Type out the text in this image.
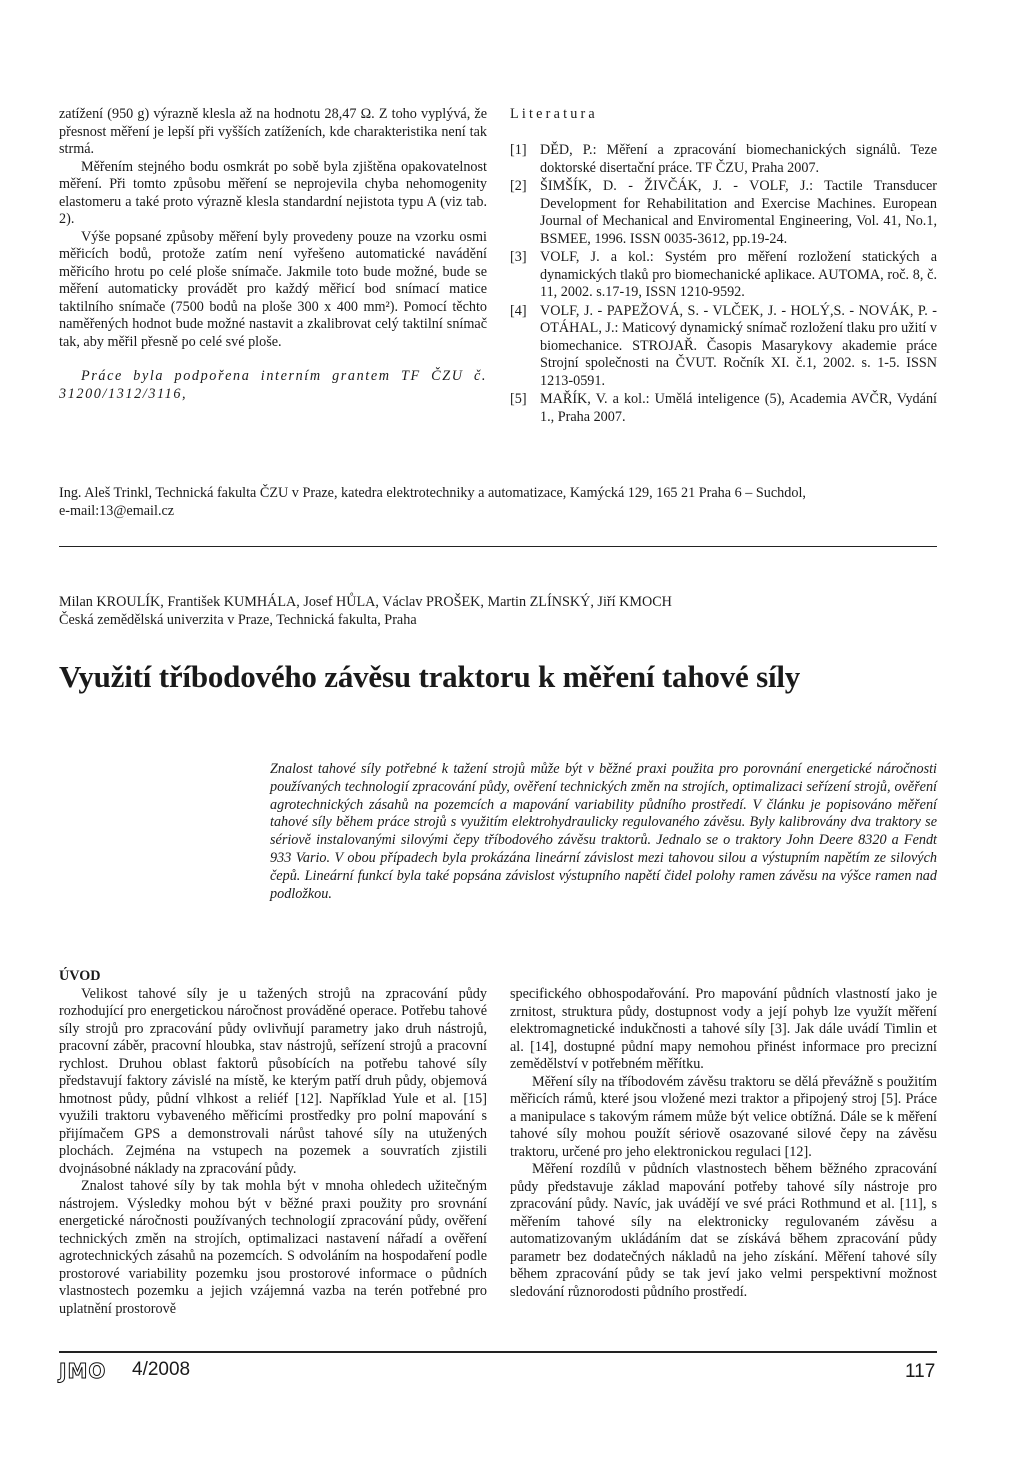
zatížení (950 g) výrazně klesla až na hodnotu 28,47 Ω. Z toho vyplývá, že přesnost měření je lepší při vyšších zatíženích, kde charakteristika není tak strmá.

Měřením stejného bodu osmkrát po sobě byla zjištěna opakovatelnost měření. Při tomto způsobu měření se neprojevila chyba nehomogenity elastomeru a také proto výrazně klesla standardní nejistota typu A (viz tab. 2).

Výše popsané způsoby měření byly provedeny pouze na vzorku osmi měřicích bodů, protože zatím není vyřešeno automatické navádění měřicího hrotu po celé ploše snímače. Jakmile toto bude možné, bude se měření automaticky provádět pro každý měřicí bod snímací matice taktilního snímače (7500 bodů na ploše 300 x 400 mm²). Pomocí těchto naměřených hodnot bude možné nastavit a zkalibrovat celý taktilní snímač tak, aby měřil přesně po celé své ploše.

Práce byla podpořena interním grantem TF ČZU č. 31200/1312/3116,

Literatura
[1] DĚD, P.: Měření a zpracování biomechanických signálů. Teze doktorské disertační práce. TF ČZU, Praha 2007.
[2] ŠIMŠÍK, D. - ŽIVČÁK, J. - VOLF, J.: Tactile Transducer Development for Rehabilitation and Exercise Machines. European Journal of Mechanical and Enviromental Engineering, Vol. 41, No.1, BSMEE, 1996. ISSN 0035-3612, pp.19-24.
[3] VOLF, J. a kol.: Systém pro měření rozložení statických a dynamických tlaků pro biomechanické aplikace. AUTOMA, roč. 8, č. 11, 2002. s.17-19, ISSN 1210-9592.
[4] VOLF, J. - PAPEŽOVÁ, S. - VLČEK, J. - HOLÝ,S. - NOVÁK, P. - OTÁHAL, J.: Maticový dynamický snímač rozložení tlaku pro užití v biomechanice. STROJAŘ. Časopis Masarykovy akademie práce Strojní společnosti na ČVUT. Ročník XI. č.1, 2002. s. 1-5. ISSN 1213-0591.
[5] MAŘÍK, V. a kol.: Umělá inteligence (5), Academia AVČR, Vydání 1., Praha 2007.
Ing. Aleš Trinkl, Technická fakulta ČZU v Praze, katedra elektrotechniky a automatizace, Kamýcká 129, 165 21 Praha 6 – Suchdol,
e-mail:13@email.cz
Milan KROULÍK, František KUMHÁLA, Josef HŮLA, Václav PROŠEK, Martin ZLÍNSKÝ, Jiří KMOCH
Česká zemědělská univerzita v Praze, Technická fakulta, Praha
Využití tříbodového závěsu traktoru k měření tahové síly
Znalost tahové síly potřebné k tažení strojů může být v běžné praxi použita pro porovnání energetické náročnosti používaných technologií zpracování půdy, ověření technických změn na strojích, optimalizaci seřízení strojů, ověření agrotechnických zásahů na pozemcích a mapování variability půdního prostředí. V článku je popisováno měření tahové síly během práce strojů s využitím elektrohydraulicky regulovaného závěsu. Byly kalibrovány dva traktory se sériově instalovanými silovými čepy tříbodového závěsu traktorů. Jednalo se o traktory John Deere 8320 a Fendt 933 Vario. V obou případech byla prokázána lineární závislost mezi tahovou silou a výstupním napětím ze silových čepů. Lineární funkcí byla také popsána závislost výstupního napětí čidel polohy ramen závěsu na výšce ramen nad podložkou.

ÚVOD

Velikost tahové síly je u tažených strojů na zpracování půdy rozhodující pro energetickou náročnost prováděné operace. Potřebu tahové síly strojů pro zpracování půdy ovlivňují parametry jako druh nástrojů, pracovní záběr, pracovní hloubka, stav nástrojů, seřízení strojů a pracovní rychlost. Druhou oblast faktorů působících na potřebu tahové síly představují faktory závislé na místě, ke kterým patří druh půdy, objemová hmotnost půdy, půdní vlhkost a reliéf [12]. Například Yule et al. [15] využili traktoru vybaveného měřicími prostředky pro polní mapování s přijímačem GPS a demonstrovali nárůst tahové síly na utužených plochách. Zejména na vstupech na pozemek a souvratích zjistili dvojnásobné náklady na zpracování půdy.

Znalost tahové síly by tak mohla být v mnoha ohledech užitečným nástrojem. Výsledky mohou být v běžné praxi použity pro srovnání energetické náročnosti používaných technologií zpracování půdy, ověření technických změn na strojích, optimalizaci nastavení nářadí a ověření agrotechnických zásahů na pozemcích. S odvoláním na hospodaření podle prostorové variability pozemku jsou prostorové informace o půdních vlastnostech pozemku a jejich vzájemná vazba na terén potřebné pro uplatnění prostorově

specifického obhospodařování. Pro mapování půdních vlastností jako je zrnitost, struktura půdy, dostupnost vody a její pohyb lze využít měření elektromagnetické indukčnosti a tahové síly [3]. Jak dále uvádí Timlin et al. [14], dostupné půdní mapy nemohou přinést informace pro precizní zemědělství v potřebném měřítku.

Měření síly na tříbodovém závěsu traktoru se dělá převážně s použitím měřicích rámů, které jsou vložené mezi traktor a připojený stroj [5]. Práce a manipulace s takovým rámem může být velice obtížná. Dále se k měření tahové síly mohou použít sériově osazované silové čepy na závěsu traktoru, určené pro jeho elektronickou regulaci [12].

Měření rozdílů v půdních vlastnostech během běžného zpracování půdy představuje základ mapování potřeby tahové síly nástroje pro zpracování půdy. Navíc, jak uvádějí ve své práci Rothmund et al. [11], s měřením tahové síly na elektronicky regulovaném závěsu a automatizovaným ukládáním dat se získává během zpracování půdy parametr bez dodatečných nákladů na jeho získání. Měření tahové síly během zpracování půdy se tak jeví jako velmi perspektivní možnost sledování různorodosti půdního prostředí.

JMO 4/2008	117
